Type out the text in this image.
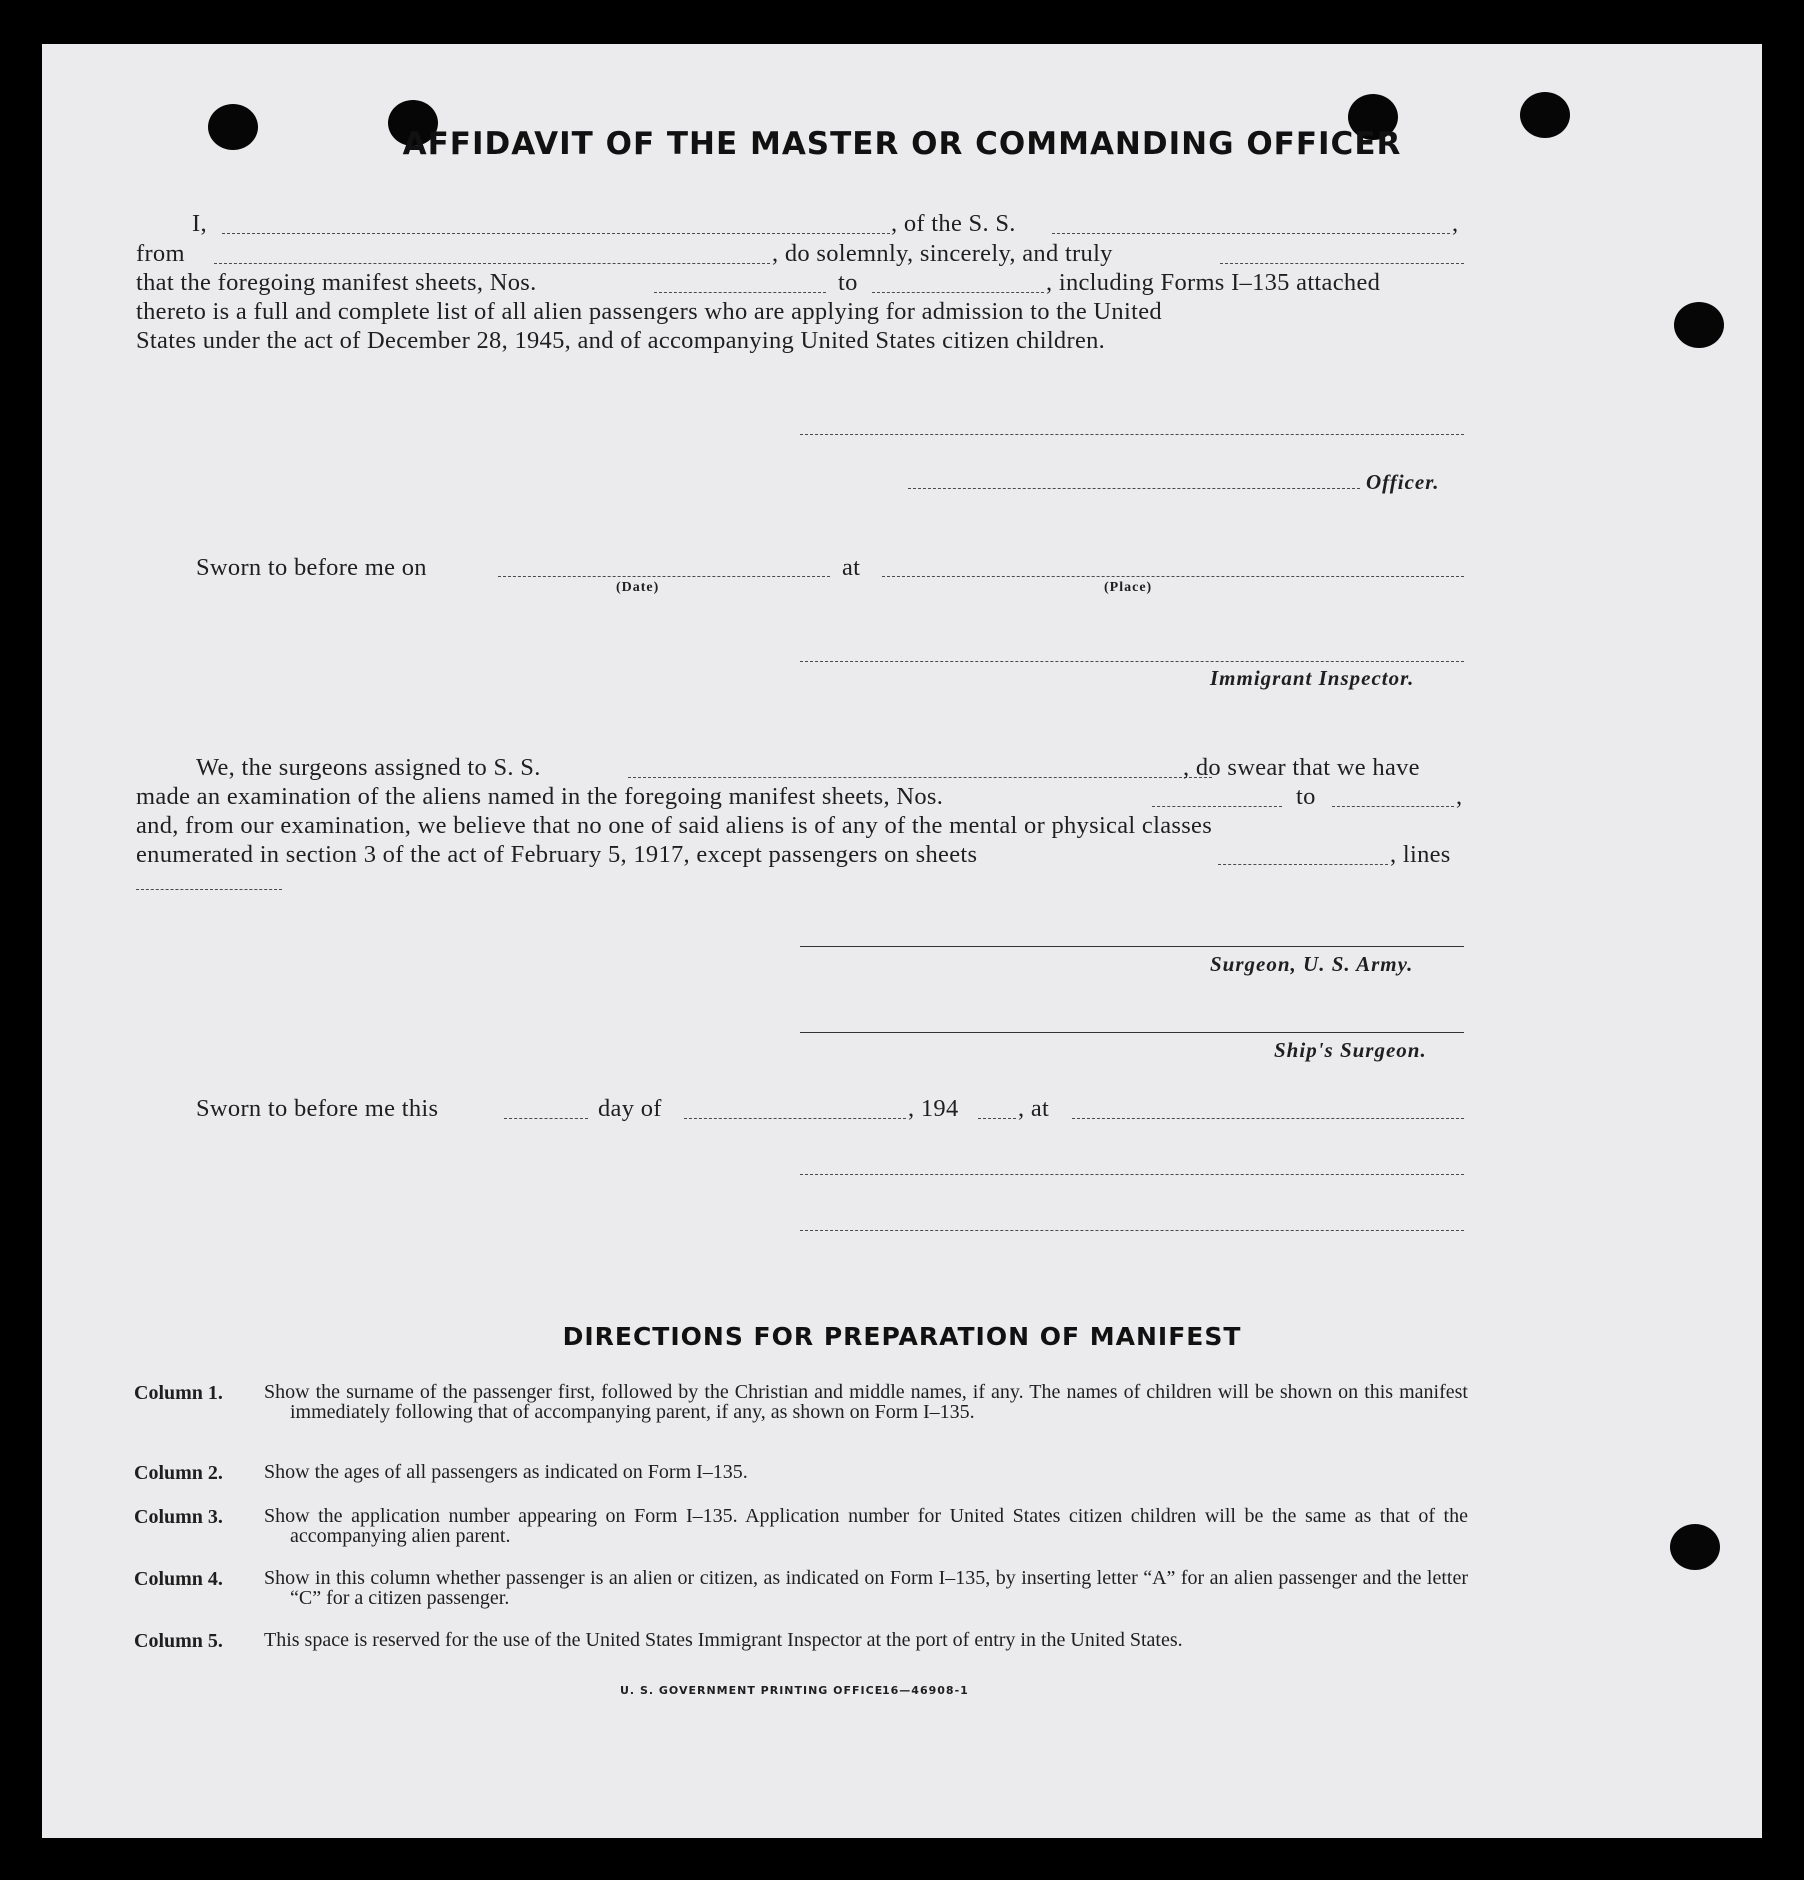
AFFIDAVIT OF THE MASTER OR COMMANDING OFFICER
I,	, of the S. S.	,
from	, do solemnly, sincerely, and truly
that the foregoing manifest sheets, Nos.	to	, including Forms I–135 attached
thereto is a full and complete list of all alien passengers who are applying for admission to the United
States under the act of December 28, 1945, and of accompanying United States citizen children.
Officer.
Sworn to before me on
(Date)
at
(Place)
Immigrant Inspector.
We, the surgeons assigned to S. S.	, do swear that we have
made an examination of the aliens named in the foregoing manifest sheets, Nos.	to	,
and, from our examination, we believe that no one of said aliens is of any of the mental or physical classes
enumerated in section 3 of the act of February 5, 1917, except passengers on sheets	, lines
Surgeon, U. S. Army.
Ship's Surgeon.
Sworn to before me this	day of	, 194 , at
DIRECTIONS FOR PREPARATION OF MANIFEST
Column 1. Show the surname of the passenger first, followed by the Christian and middle names, if any. The names of children will be shown on this manifest immediately following that of accompanying parent, if any, as shown on Form I–135.
Column 2. Show the ages of all passengers as indicated on Form I–135.
Column 3. Show the application number appearing on Form I–135. Application number for United States citizen children will be the same as that of the accompanying alien parent.
Column 4. Show in this column whether passenger is an alien or citizen, as indicated on Form I–135, by inserting letter “A” for an alien passenger and the letter “C” for a citizen passenger.
Column 5. This space is reserved for the use of the United States Immigrant Inspector at the port of entry in the United States.
U. S. GOVERNMENT PRINTING OFFICE
16—46908-1
